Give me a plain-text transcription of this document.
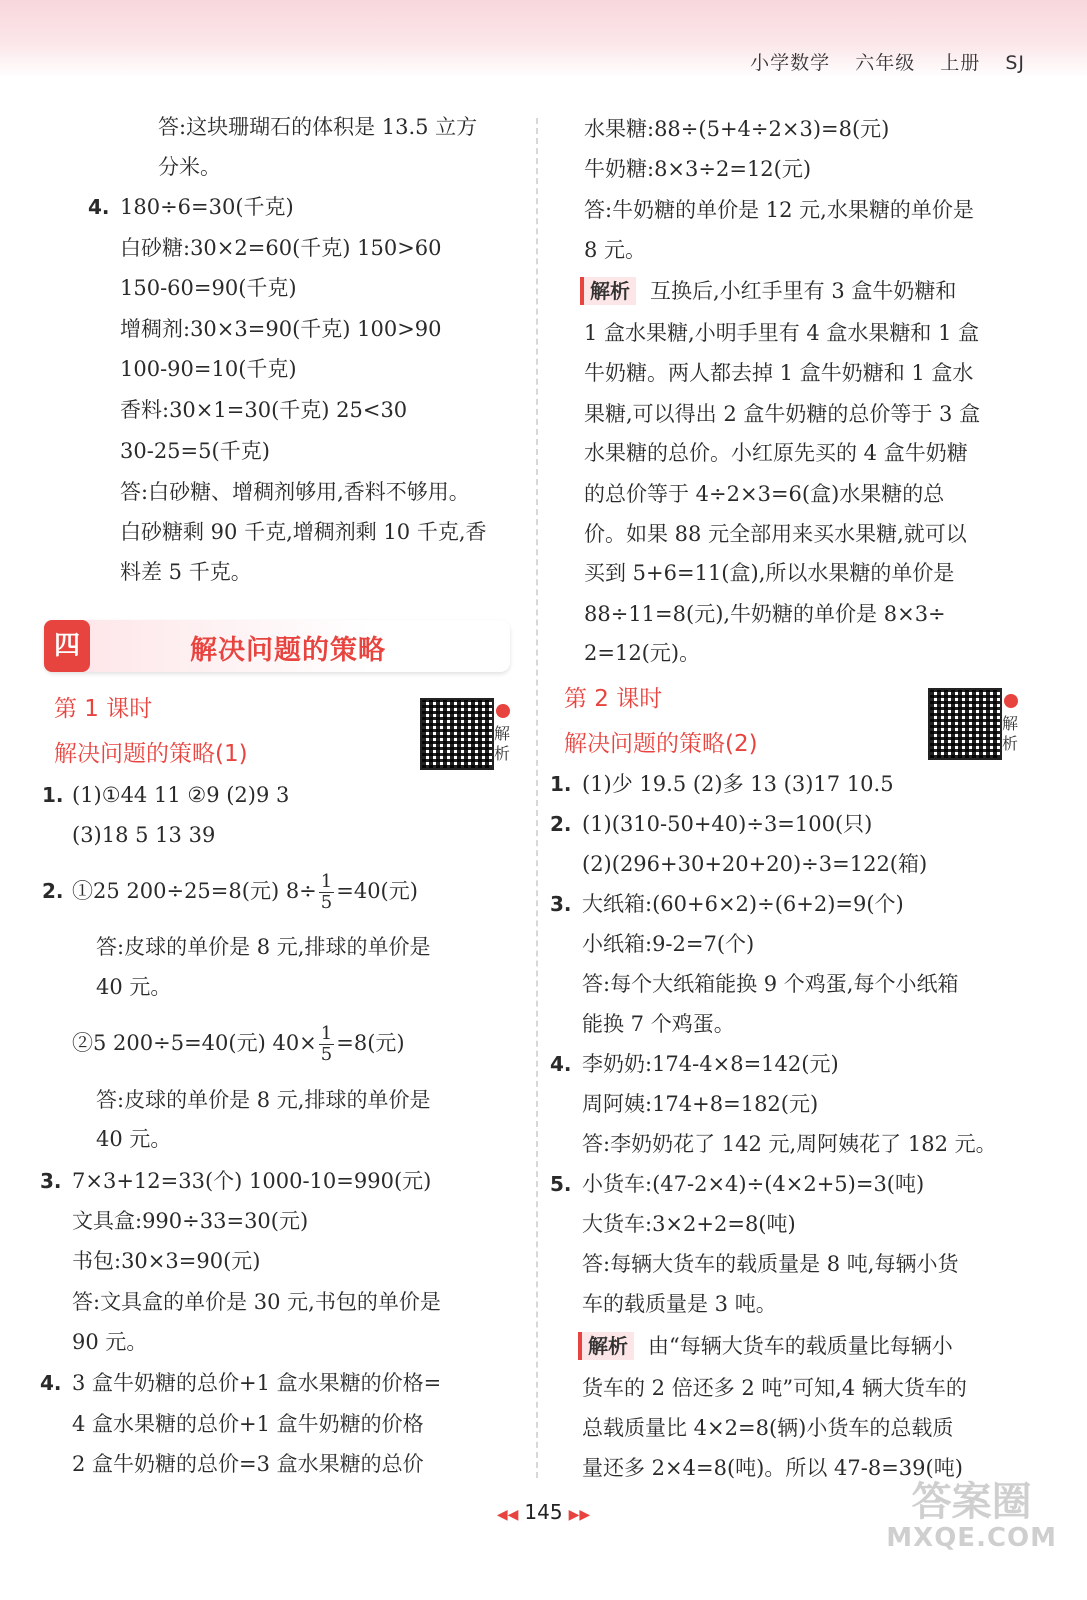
小学数学 六年级 上册 SJ
答:这块珊瑚石的体积是 13.5 立方
分米。
4. 180÷6=30(千克)
白砂糖:30×2=60(千克) 150>60
150-60=90(千克)
增稠剂:30×3=90(千克) 100>90
100-90=10(千克)
香料:30×1=30(千克) 25<30
30-25=5(千克)
答:白砂糖、增稠剂够用,香料不够用。
白砂糖剩 90 千克,增稠剂剩 10 千克,香
料差 5 千克。
四	解决问题的策略
第 1 课时
解决问题的策略(1)
解
析
1. (1)①44 11 ②9 (2)9 3
(3)18 5 13 39
2. ①25 200÷25=8(元) $8\div \frac{1}{5} =40$(元)
答:皮球的单价是 8 元,排球的单价是
40 元。
②5 200÷5=40(元) $40\times \frac{1}{5} =8$(元)
答:皮球的单价是 8 元,排球的单价是
40 元。
3. 7×3+12=33(个) 1000-10=990(元)
文具盒:990÷33=30(元)
书包:30×3=90(元)
答:文具盒的单价是 30 元,书包的单价是
90 元。
4. 3 盒牛奶糖的总价+1 盒水果糖的价格=
4 盒水果糖的总价+1 盒牛奶糖的价格
2 盒牛奶糖的总价=3 盒水果糖的总价
水果糖:88÷(5+4÷2×3)=8(元)
牛奶糖:8×3÷2=12(元)
答:牛奶糖的单价是 12 元,水果糖的单价是
8 元。
解析 互换后,小红手里有 3 盒牛奶糖和
1 盒水果糖,小明手里有 4 盒水果糖和 1 盒
牛奶糖。两人都去掉 1 盒牛奶糖和 1 盒水
果糖,可以得出 2 盒牛奶糖的总价等于 3 盒
水果糖的总价。小红原先买的 4 盒牛奶糖
的总价等于 4÷2×3=6(盒)水果糖的总
价。如果 88 元全部用来买水果糖,就可以
买到 5+6=11(盒),所以水果糖的单价是
88÷11=8(元),牛奶糖的单价是 8×3÷
2=12(元)。
第 2 课时
解决问题的策略(2)
解
析
1. (1)少 19.5 (2)多 13 (3)17 10.5
2. (1)(310-50+40)÷3=100(只)
(2)(296+30+20+20)÷3=122(箱)
3. 大纸箱:(60+6×2)÷(6+2)=9(个)
小纸箱:9-2=7(个)
答:每个大纸箱能换 9 个鸡蛋,每个小纸箱
能换 7 个鸡蛋。
4. 李奶奶:174-4×8=142(元)
周阿姨:174+8=182(元)
答:李奶奶花了 142 元,周阿姨花了 182 元。
5. 小货车:(47-2×4)÷(4×2+5)=3(吨)
大货车:3×2+2=8(吨)
答:每辆大货车的载质量是 8 吨,每辆小货
车的载质量是 3 吨。
解析 由“每辆大货车的载质量比每辆小
货车的 2 倍还多 2 吨”可知,4 辆大货车的
总载质量比 4×2=8(辆)小货车的总载质
量还多 2×4=8(吨)。所以 47-8=39(吨)
◀◀ 145 ▶▶	答案圈
MXQE.COM
